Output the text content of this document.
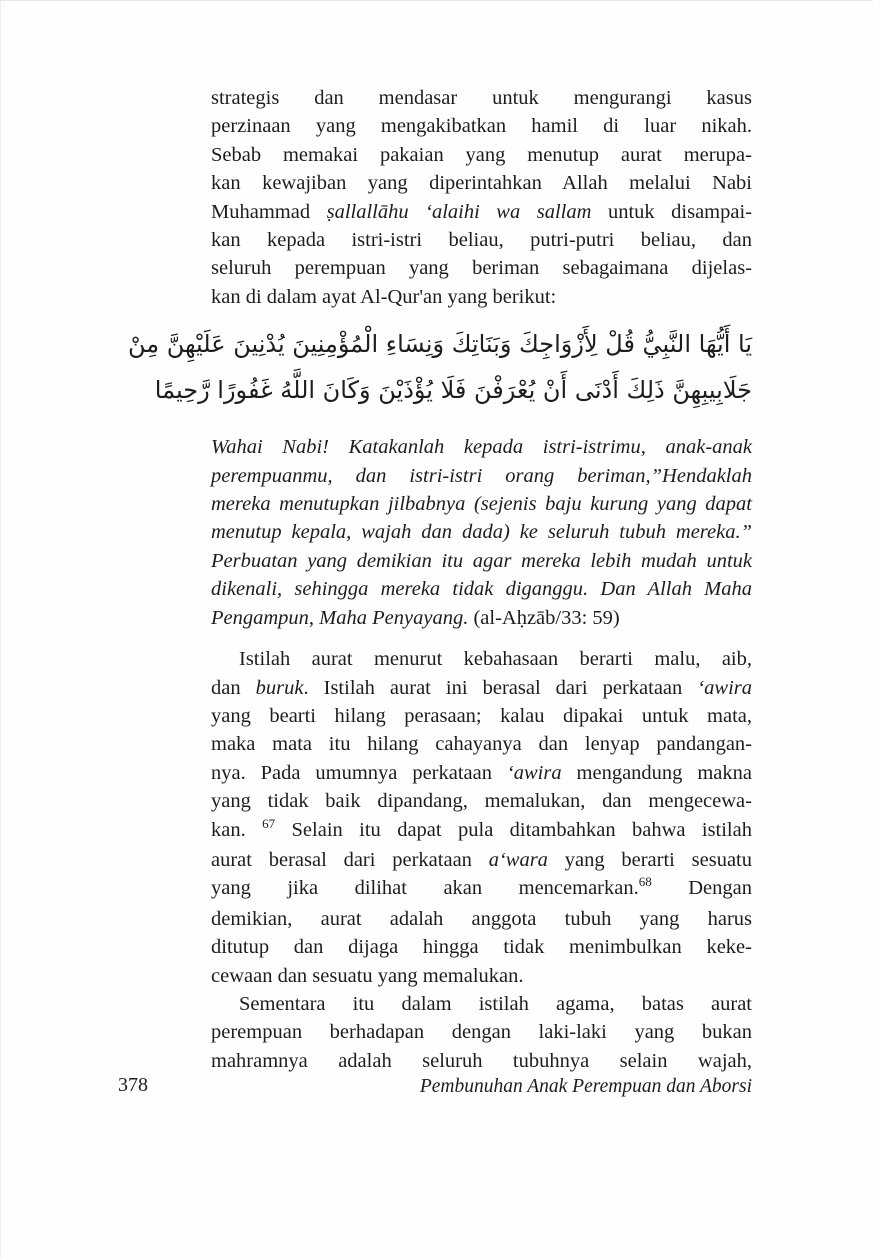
strategis dan mendasar untuk mengurangi kasus
perzinaan yang mengakibatkan hamil di luar nikah.
Sebab memakai pakaian yang menutup aurat merupa-
kan kewajiban yang diperintahkan Allah melalui Nabi
Muhammad ṣallallāhu ‘alaihi wa sallam untuk disampai-
kan kepada istri-istri beliau, putri-putri beliau, dan
seluruh perempuan yang beriman sebagaimana dijelas-
kan di dalam ayat Al-Qur'an yang berikut:
يَا أَيُّهَا النَّبِيُّ قُلْ لِأَزْوَاجِكَ وَبَنَاتِكَ وَنِسَاءِ الْمُؤْمِنِينَ يُدْنِينَ عَلَيْهِنَّ مِنْ
جَلَابِيبِهِنَّ ذَلِكَ أَدْنَى أَنْ يُعْرَفْنَ فَلَا يُؤْذَيْنَ وَكَانَ اللَّهُ غَفُورًا رَّحِيمًا
Wahai Nabi! Katakanlah kepada istri-istrimu, anak-anak
perempuanmu, dan istri-istri orang beriman,”Hendaklah
mereka menutupkan jilbabnya (sejenis baju kurung yang dapat
menutup kepala, wajah dan dada) ke seluruh tubuh mereka.”
Perbuatan yang demikian itu agar mereka lebih mudah untuk
dikenali, sehingga mereka tidak diganggu. Dan Allah Maha
Pengampun, Maha Penyayang. (al-Aḥzāb/33: 59)
Istilah aurat menurut kebahasaan berarti malu, aib,
dan buruk. Istilah aurat ini berasal dari perkataan ‘awira
yang bearti hilang perasaan; kalau dipakai untuk mata,
maka mata itu hilang cahayanya dan lenyap pandangan-
nya. Pada umumnya perkataan ‘awira mengandung makna
yang tidak baik dipandang, memalukan, dan mengecewa-
kan. $^{67}$ Selain itu dapat pula ditambahkan bahwa istilah
aurat berasal dari perkataan a‘wara yang berarti sesuatu
yang jika dilihat akan mencemarkan.$^{68}$ Dengan
demikian, aurat adalah anggota tubuh yang harus
ditutup dan dijaga hingga tidak menimbulkan keke-
cewaan dan sesuatu yang memalukan.
Sementara itu dalam istilah agama, batas aurat
perempuan berhadapan dengan laki-laki yang bukan
mahramnya adalah seluruh tubuhnya selain wajah,
378	Pembunuhan Anak Perempuan dan Aborsi
